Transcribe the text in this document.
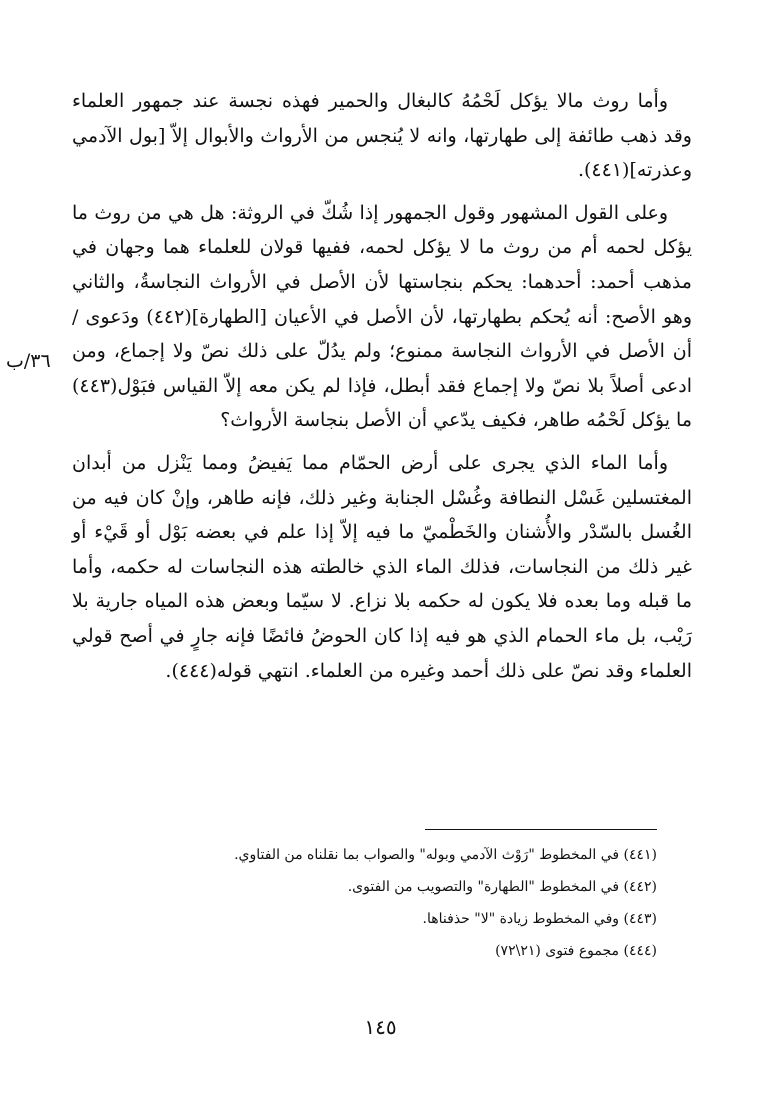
وأما روث مالا يؤكل لَحْمُهُ كالبغال والحمير فهذه نجسة عند جمهور العلماء وقد ذهب طائفة إلى طهارتها، وانه لا يُنجس من الأرواث والأبوال إلاّ [بول الآدمي وعذرته](٤٤١).

وعلى القول المشهور وقول الجمهور إذا شُكّ في الروثة: هل هي من روث ما يؤكل لحمه أم من روث ما لا يؤكل لحمه، ففيها قولان للعلماء هما وجهان في مذهب أحمد: أحدهما: يحكم بنجاستها لأن الأصل في الأرواث النجاسةُ، والثاني وهو الأصح: أنه يُحكم بطهارتها، لأن الأصل في الأعيان [الطهارة](٤٤٢) ودَعوى / أن الأصل في الأرواث النجاسة ممنوع؛ ولم يدُلّ على ذلك نصّ ولا إجماع، ومن ادعى أصلاً بلا نصّ ولا إجماع فقد أبطل، فإذا لم يكن معه إلاّ القياس فبَوْل(٤٤٣) ما يؤكل لَحْمُه طاهر، فكيف يدّعي أن الأصل بنجاسة الأرواث؟

وأما الماء الذي يجرى على أرض الحمّام مما يَفيضُ ومما يَنْزل من أبدان المغتسلين غَسْل النطافة وغُسْل الجنابة وغير ذلك، فإنه طاهر، وإنْ كان فيه من الغُسل بالسّدْر والأُشنان والخَطْميّ ما فيه إلاّ إذا علم في بعضه بَوْل أو قَيْء أو غير ذلك من النجاسات، فذلك الماء الذي خالطته هذه النجاسات له حكمه، وأما ما قبله وما بعده فلا يكون له حكمه بلا نزاع. لا سيّما وبعض هذه المياه جارية بلا رَيْب، بل ماء الحمام الذي هو فيه إذا كان الحوضُ فائضًا فإنه جارٍ في أصح قولي العلماء وقد نصّ على ذلك أحمد وغيره من العلماء. انتهي قوله(٤٤٤).

٣٦/ب

(٤٤١) في المخطوط "رَوْث الآدمي وبوله" والصواب بما نقلناه من الفتاوي.

(٤٤٢) في المخطوط "الطهارة" والتصويب من الفتوى.

(٤٤٣) وفي المخطوط زيادة "لا" حذفناها.

(٤٤٤) مجموع فتوى (٢١\٧٢)

١٤٥
